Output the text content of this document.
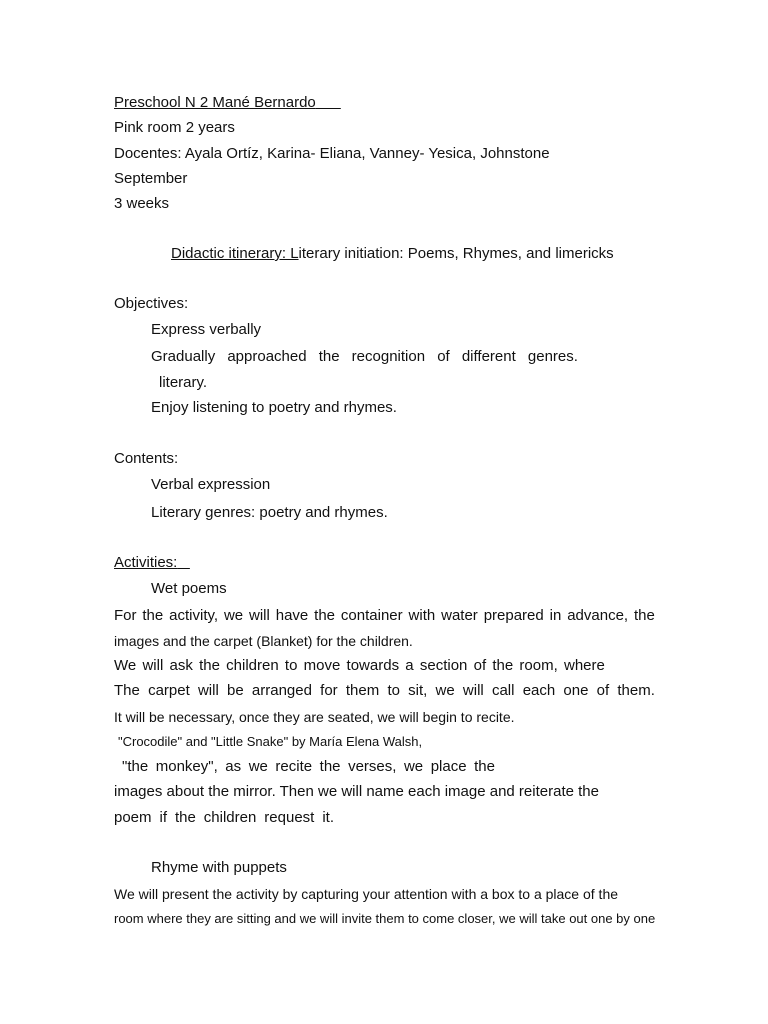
Preschool N 2 Mané Bernardo
Pink room 2 years
Docentes: Ayala Ortíz, Karina- Eliana, Vanney- Yesica, Johnstone
September
3 weeks
Didactic itinerary: Literary initiation: Poems, Rhymes, and limericks
Objectives:
Express verbally
Gradually approached the recognition of different genres.
literary.
Enjoy listening to poetry and rhymes.
Contents:
Verbal expression
Literary genres: poetry and rhymes.
Activities:
Wet poems
For the activity, we will have the container with water prepared in advance, the
images and the carpet (Blanket) for the children.
We will ask the children to move towards a section of the room, where
The carpet will be arranged for them to sit, we will call each one of them.
It will be necessary, once they are seated, we will begin to recite.
"Crocodile" and "Little Snake" by María Elena Walsh,
"the monkey", as we recite the verses, we place the
images about the mirror. Then we will name each image and reiterate the
poem if the children request it.
Rhyme with puppets
We will present the activity by capturing your attention with a box to a place of the
room where they are sitting and we will invite them to come closer, we will take out one by one
